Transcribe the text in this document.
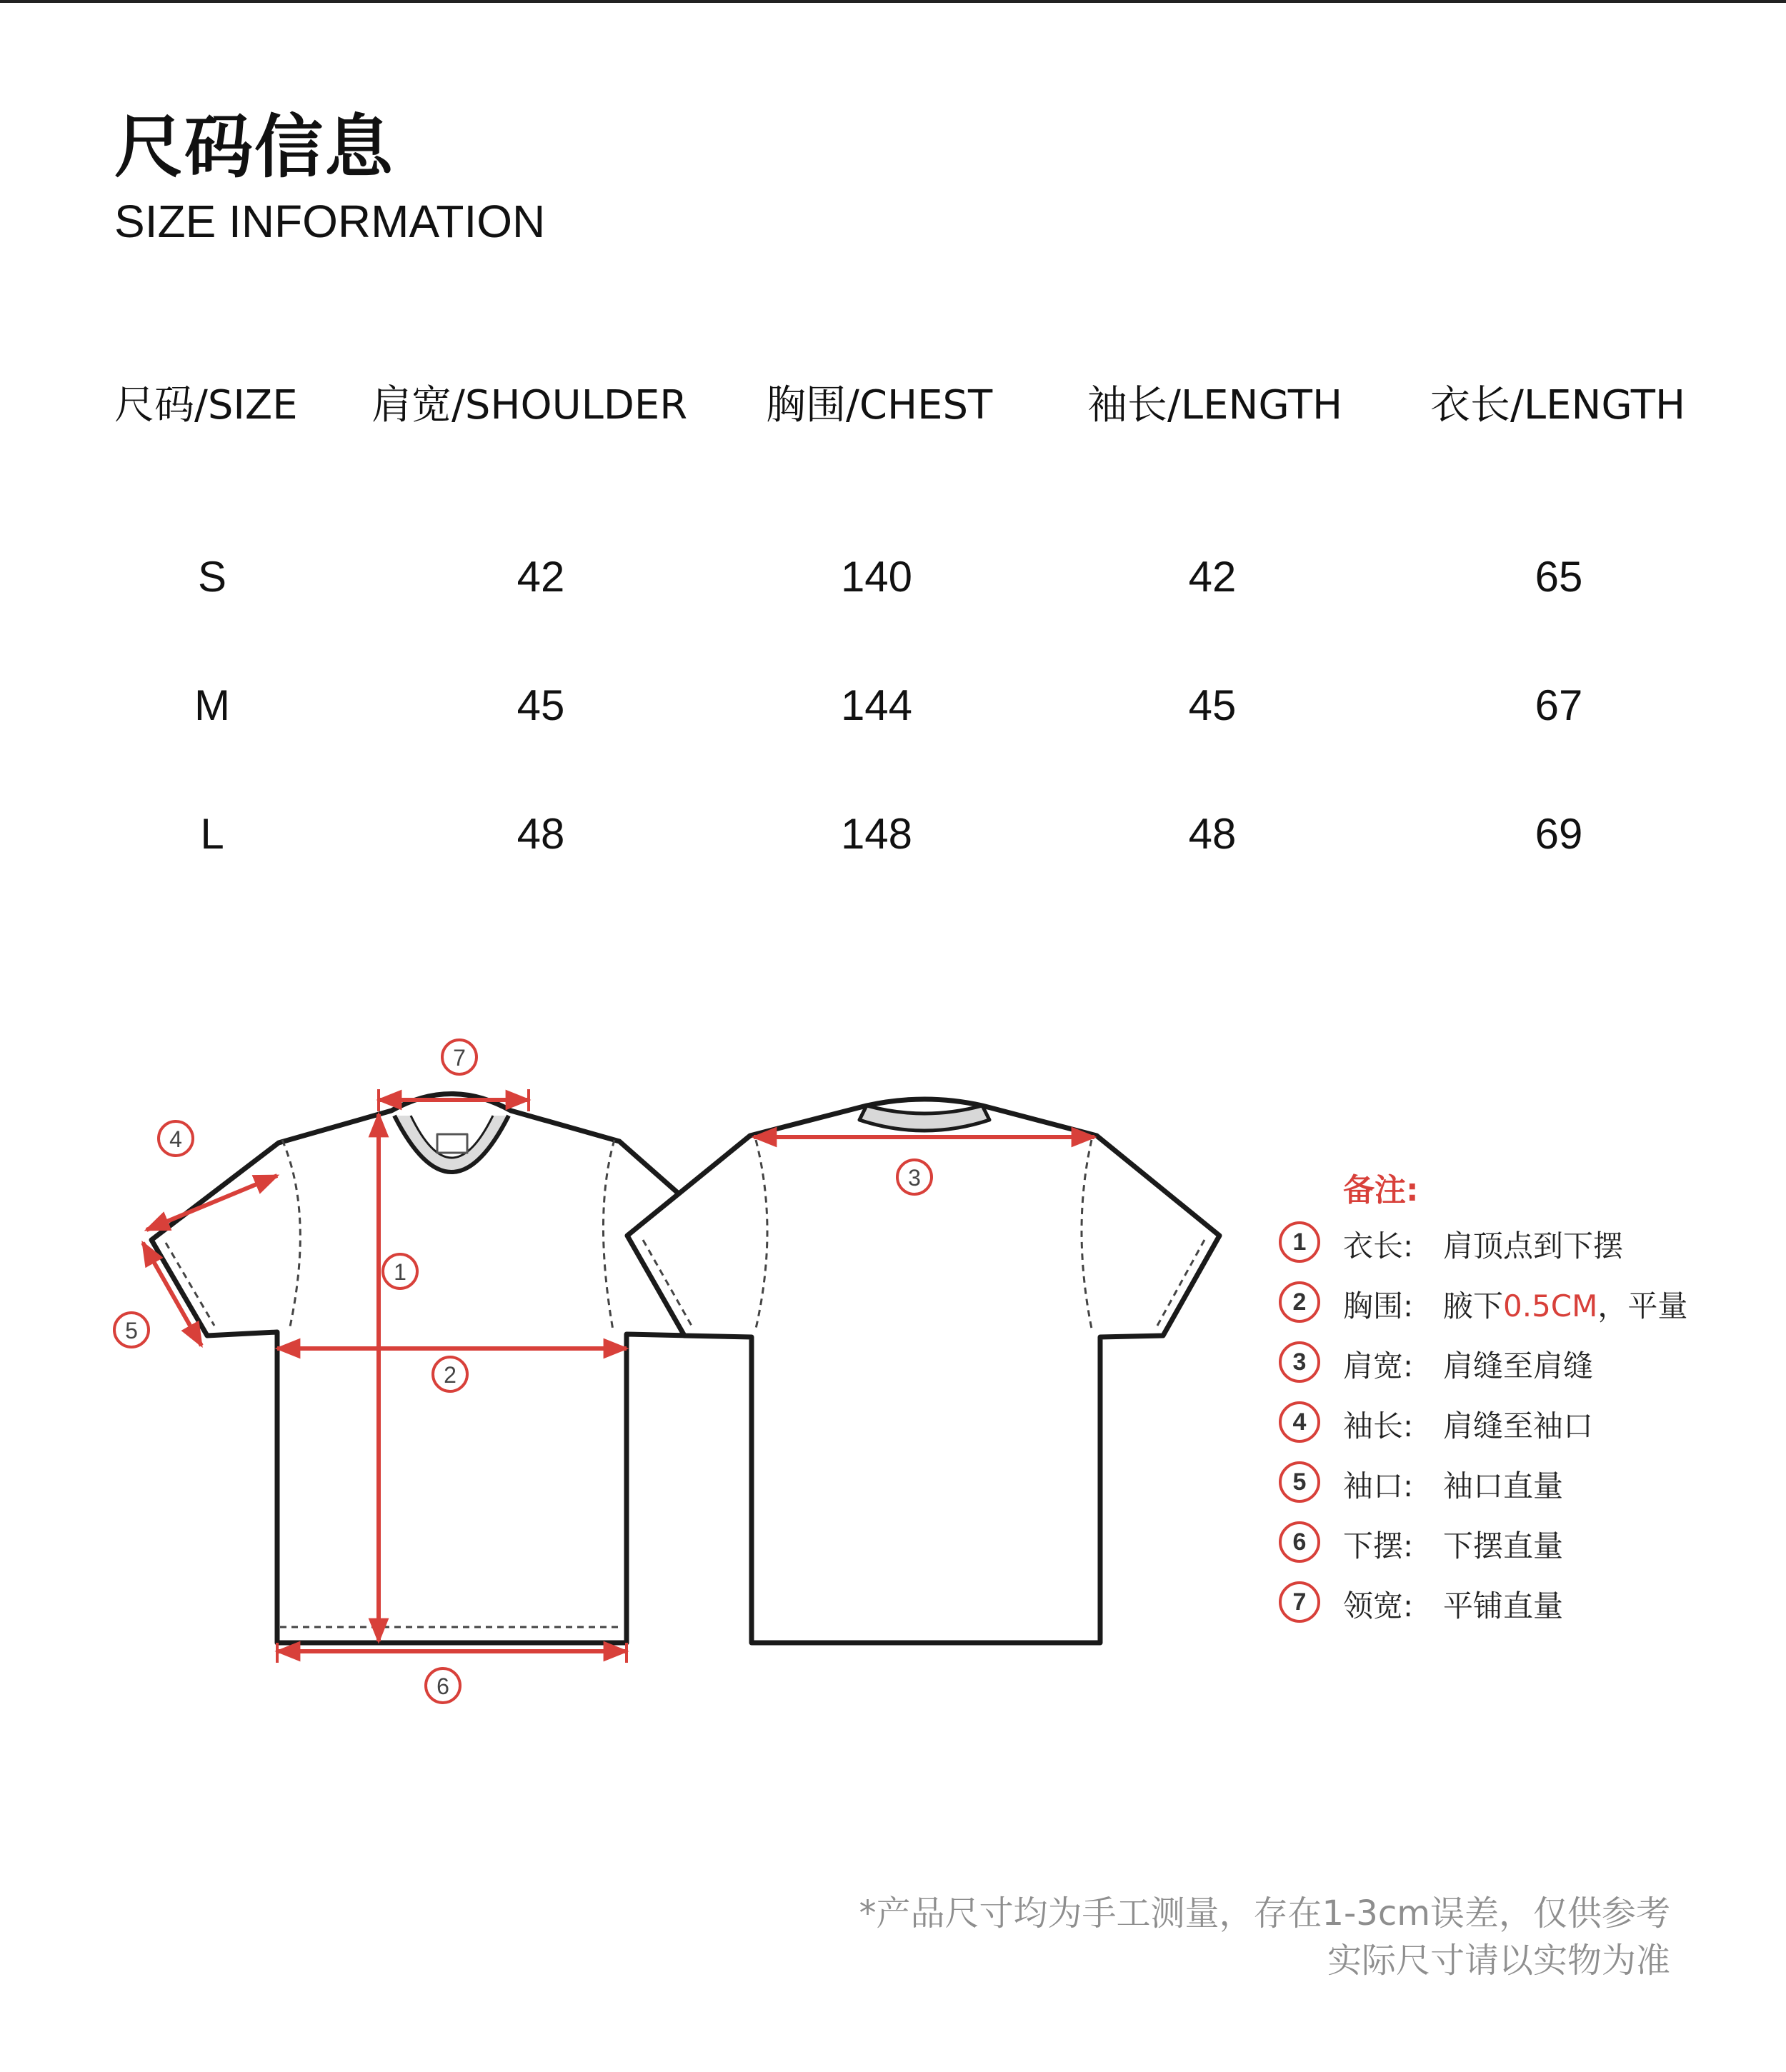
尺码信息
SIZE INFORMATION
尺码/SIZE 肩宽/SHOULDER 胸围/CHEST 袖长/LENGTH 衣长/LENGTH
S	42	140	42	65
M	45	144	45	67
L	48	148	48	69
1
2
3
4
5
6
7
备注:
1	衣长: 肩顶点到下摆
2	胸围: 腋下0.5CM，平量
3	肩宽: 肩缝至肩缝
4	袖长: 肩缝至袖口
5	袖口: 袖口直量
6	下摆: 下摆直量
7	领宽: 平铺直量
*产品尺寸均为手工测量，存在1-3cm误差，仅供参考
实际尺寸请以实物为准
